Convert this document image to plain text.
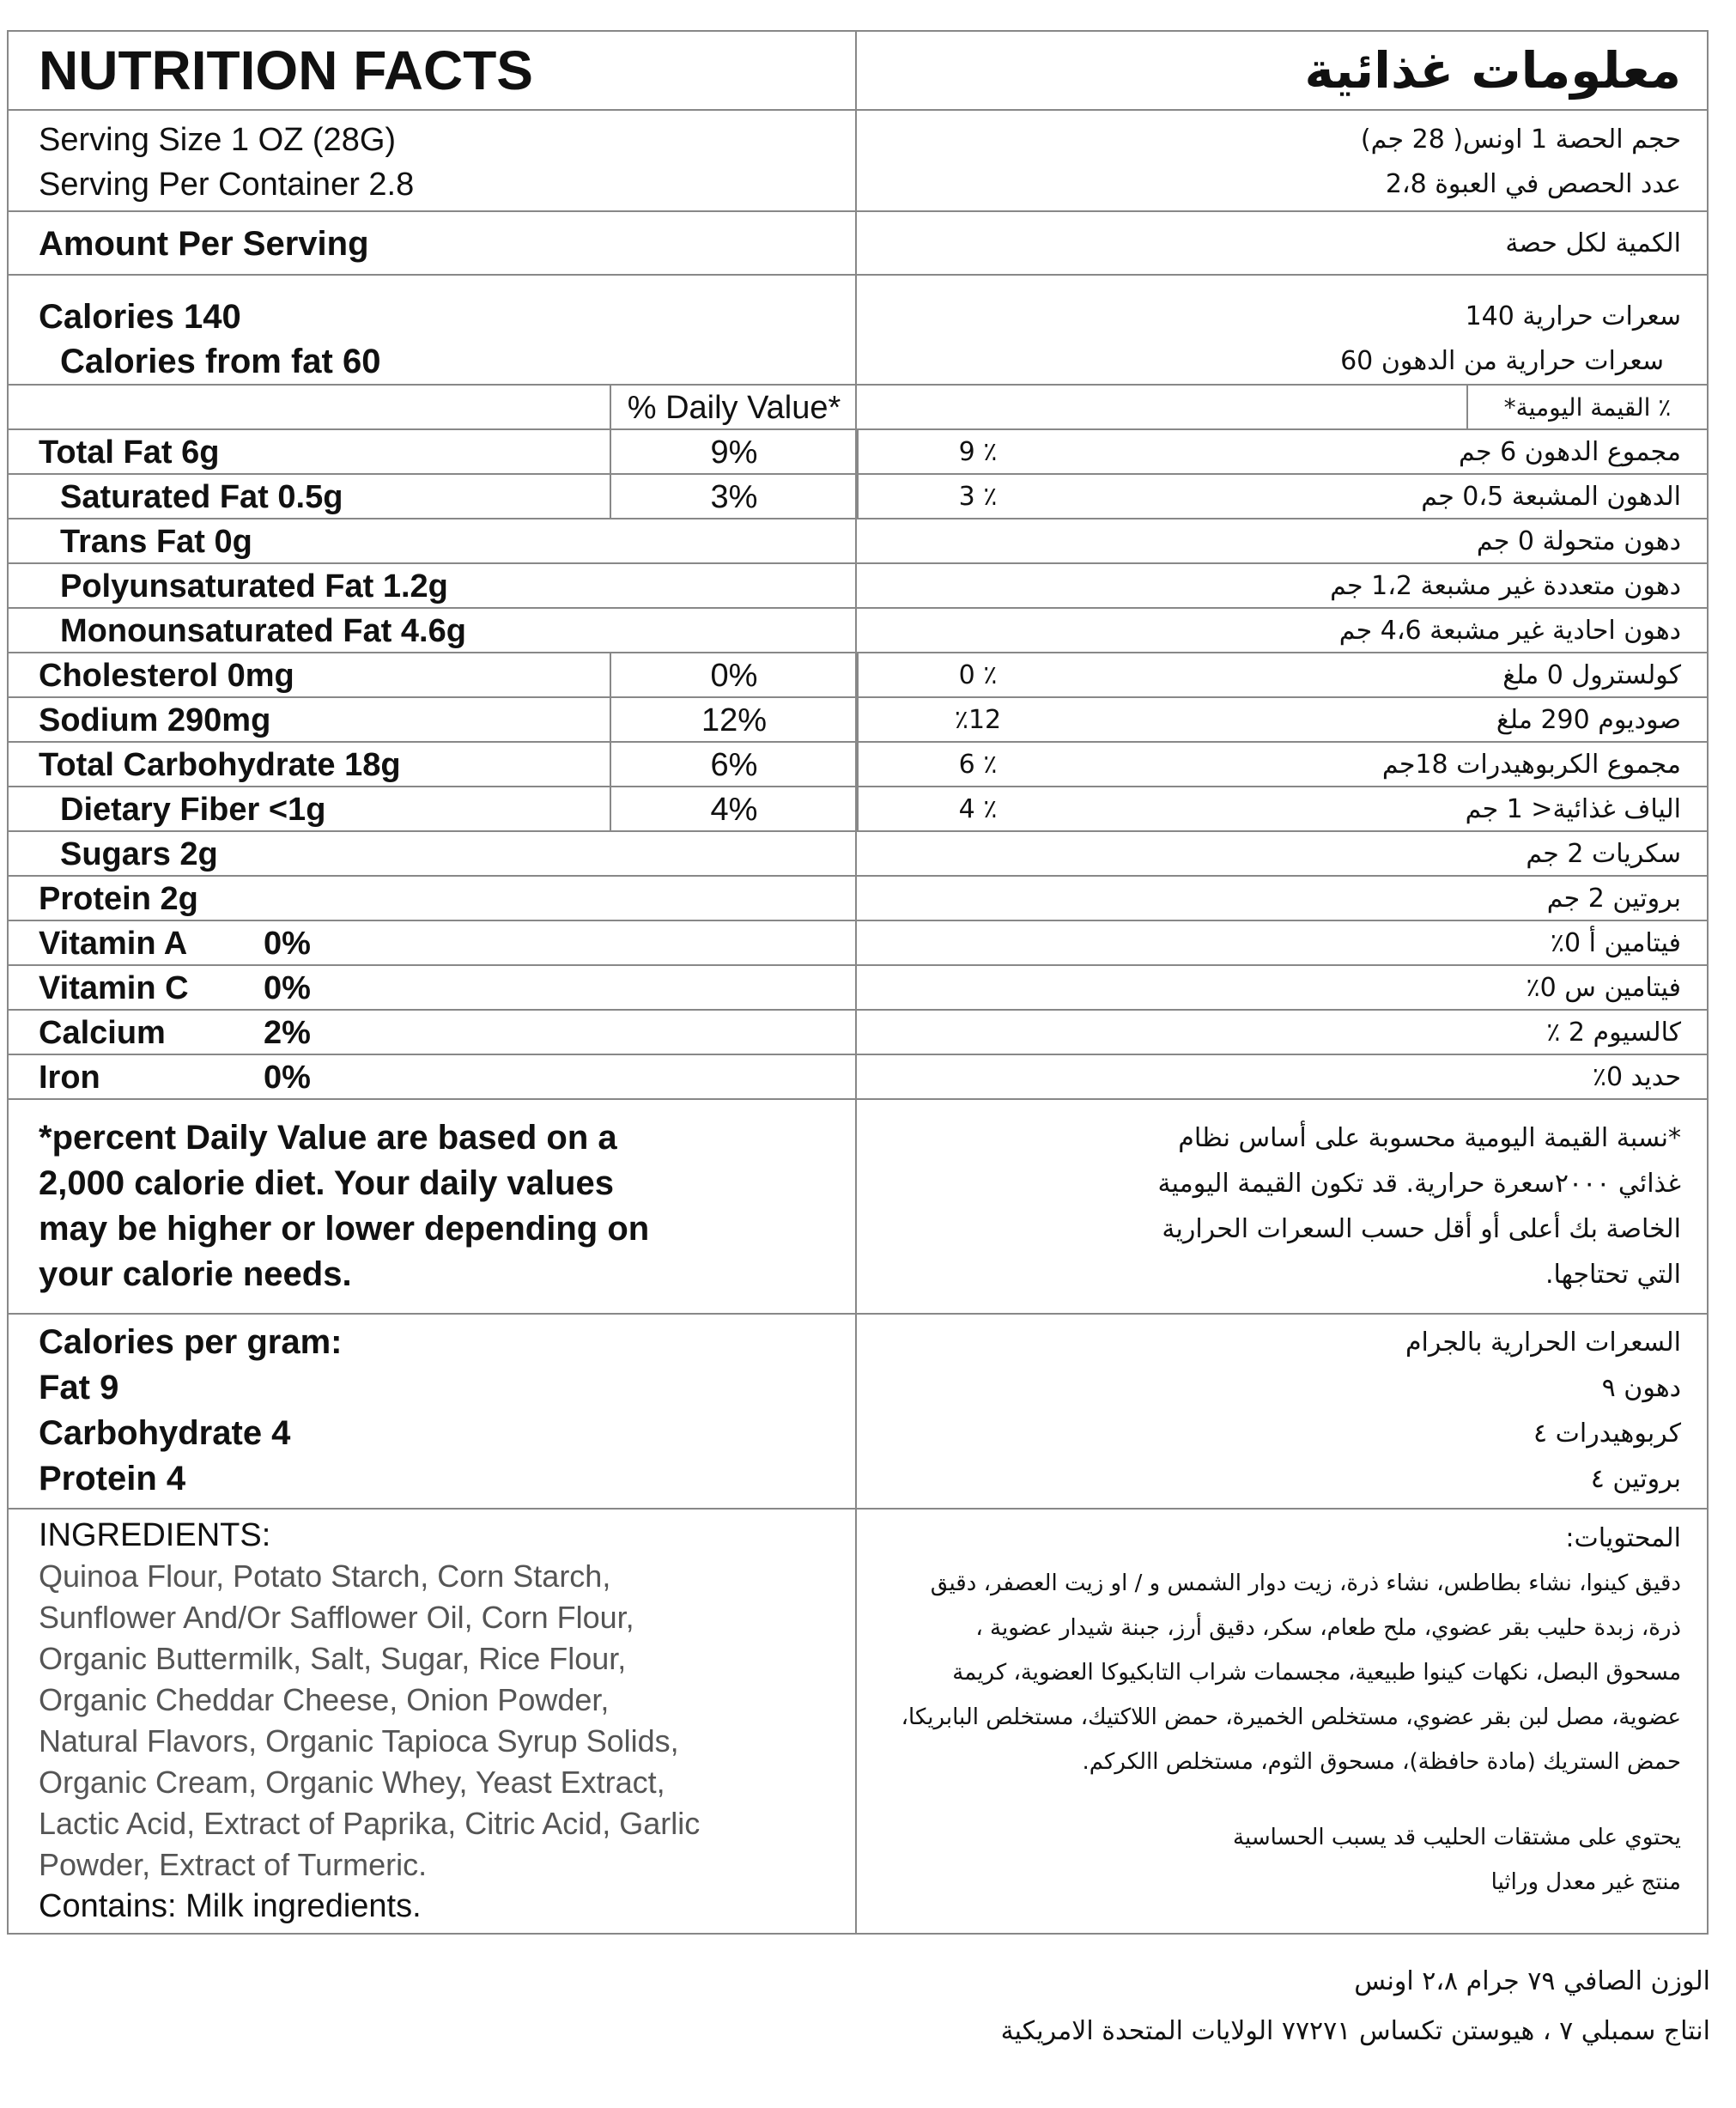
NUTRITION FACTS	معلومات غذائية
Serving Size 1 OZ (28G)
Serving Per Container 2.8
حجم الحصة 1 اونس( 28 جم)
عدد الحصص في العبوة 2،8
Amount Per Serving	الكمية لكل حصة
Calories 140
Calories from fat 60
سعرات حرارية 140
سعرات حرارية من الدهون 60
% Daily Value*	٪ القيمة اليومية*
Total Fat 6g	9%	٪ 9	مجموع الدهون 6 جم
Saturated Fat 0.5g	3%	٪ 3	الدهون المشبعة 0،5 جم
Trans Fat 0g	دهون متحولة 0 جم
Polyunsaturated Fat 1.2g	دهون متعددة غير مشبعة 1،2 جم
Monounsaturated Fat 4.6g	دهون احادية غير مشبعة 4،6 جم
Cholesterol 0mg	0%	٪ 0	كولسترول 0 ملغ
Sodium 290mg	12%	٪12	صوديوم 290 ملغ
Total Carbohydrate 18g	6%	٪ 6	مجموع الكربوهيدرات 18جم
Dietary Fiber <1g	4%	٪ 4	الياف غذائية< 1 جم
Sugars 2g	سكريات 2 جم
Protein 2g	بروتين 2 جم
Vitamin A 0%	فيتامين أ 0٪
Vitamin C 0%	فيتامين س 0٪
Calcium	2%	كالسيوم 2 ٪
Iron	0%	حديد 0٪
*percent Daily Value are based on a
2,000 calorie diet. Your daily values
may be higher or lower depending on
your calorie needs.
*نسبة القيمة اليومية محسوبة على أساس نظام
غذائي ٢٠٠٠سعرة حرارية. قد تكون القيمة اليومية
الخاصة بك أعلى أو أقل حسب السعرات الحرارية
التي تحتاجها.
Calories per gram:
Fat 9
Carbohydrate 4
Protein 4
السعرات الحرارية بالجرام
دهون ٩
كربوهيدرات ٤
بروتين ٤
INGREDIENTS:
Quinoa Flour, Potato Starch, Corn Starch,
Sunflower And/Or Safflower Oil, Corn Flour,
Organic Buttermilk, Salt, Sugar, Rice Flour,
Organic Cheddar Cheese, Onion Powder,
Natural Flavors, Organic Tapioca Syrup Solids,
Organic Cream, Organic Whey, Yeast Extract,
Lactic Acid, Extract of Paprika, Citric Acid, Garlic
Powder, Extract of Turmeric.
Contains: Milk ingredients.
المحتويات:
دقيق كينوا، نشاء بطاطس، نشاء ذرة، زيت دوار الشمس و / او زيت العصفر، دقيق
ذرة، زبدة حليب بقر عضوي، ملح طعام، سكر، دقيق أرز، جبنة شيدار عضوية ،
مسحوق البصل، نكهات كينوا طبيعية، مجسمات شراب التابكيوكا العضوية، كريمة
عضوية، مصل لبن بقر عضوي، مستخلص الخميرة، حمض اللاكتيك، مستخلص البابريكا،
حمض الستريك (مادة حافظة)، مسحوق الثوم، مستخلص االكركم.
يحتوي على مشتقات الحليب قد يسبب الحساسية
منتج غير معدل وراثيا
الوزن الصافي ٧٩ جرام ٢،٨ اونس
انتاج سمبلي ٧ ، هيوستن تكساس ٧٧٢٧١ الولايات المتحدة الامريكية
